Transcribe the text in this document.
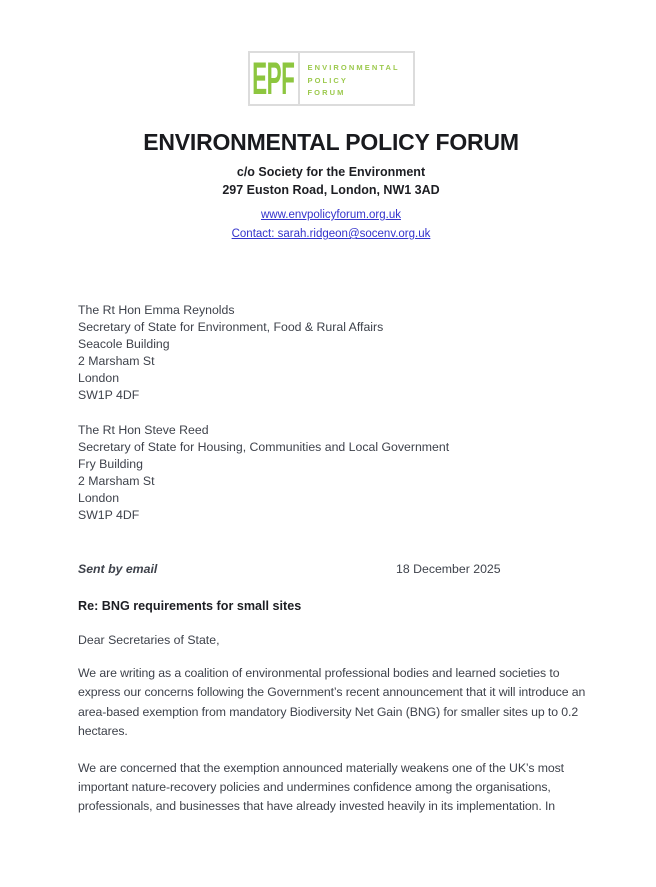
EPF ENVIRONMENTAL
POLICY
FORUM
ENVIRONMENTAL POLICY FORUM
c/o Society for the Environment
297 Euston Road, London, NW1 3AD
www.envpolicyforum.org.uk
Contact: sarah.ridgeon@socenv.org.uk
The Rt Hon Emma Reynolds
Secretary of State for Environment, Food & Rural Affairs
Seacole Building
2 Marsham St
London
SW1P 4DF
The Rt Hon Steve Reed
Secretary of State for Housing, Communities and Local Government
Fry Building
2 Marsham St
London
SW1P 4DF
Sent by email	18 December 2025
Re: BNG requirements for small sites
Dear Secretaries of State,
We are writing as a coalition of environmental professional bodies and learned societies to
express our concerns following the Government’s recent announcement that it will introduce an
area-based exemption from mandatory Biodiversity Net Gain (BNG) for smaller sites up to 0.2
hectares.
We are concerned that the exemption announced materially weakens one of the UK’s most
important nature-recovery policies and undermines confidence among the organisations,
professionals, and businesses that have already invested heavily in its implementation. In
